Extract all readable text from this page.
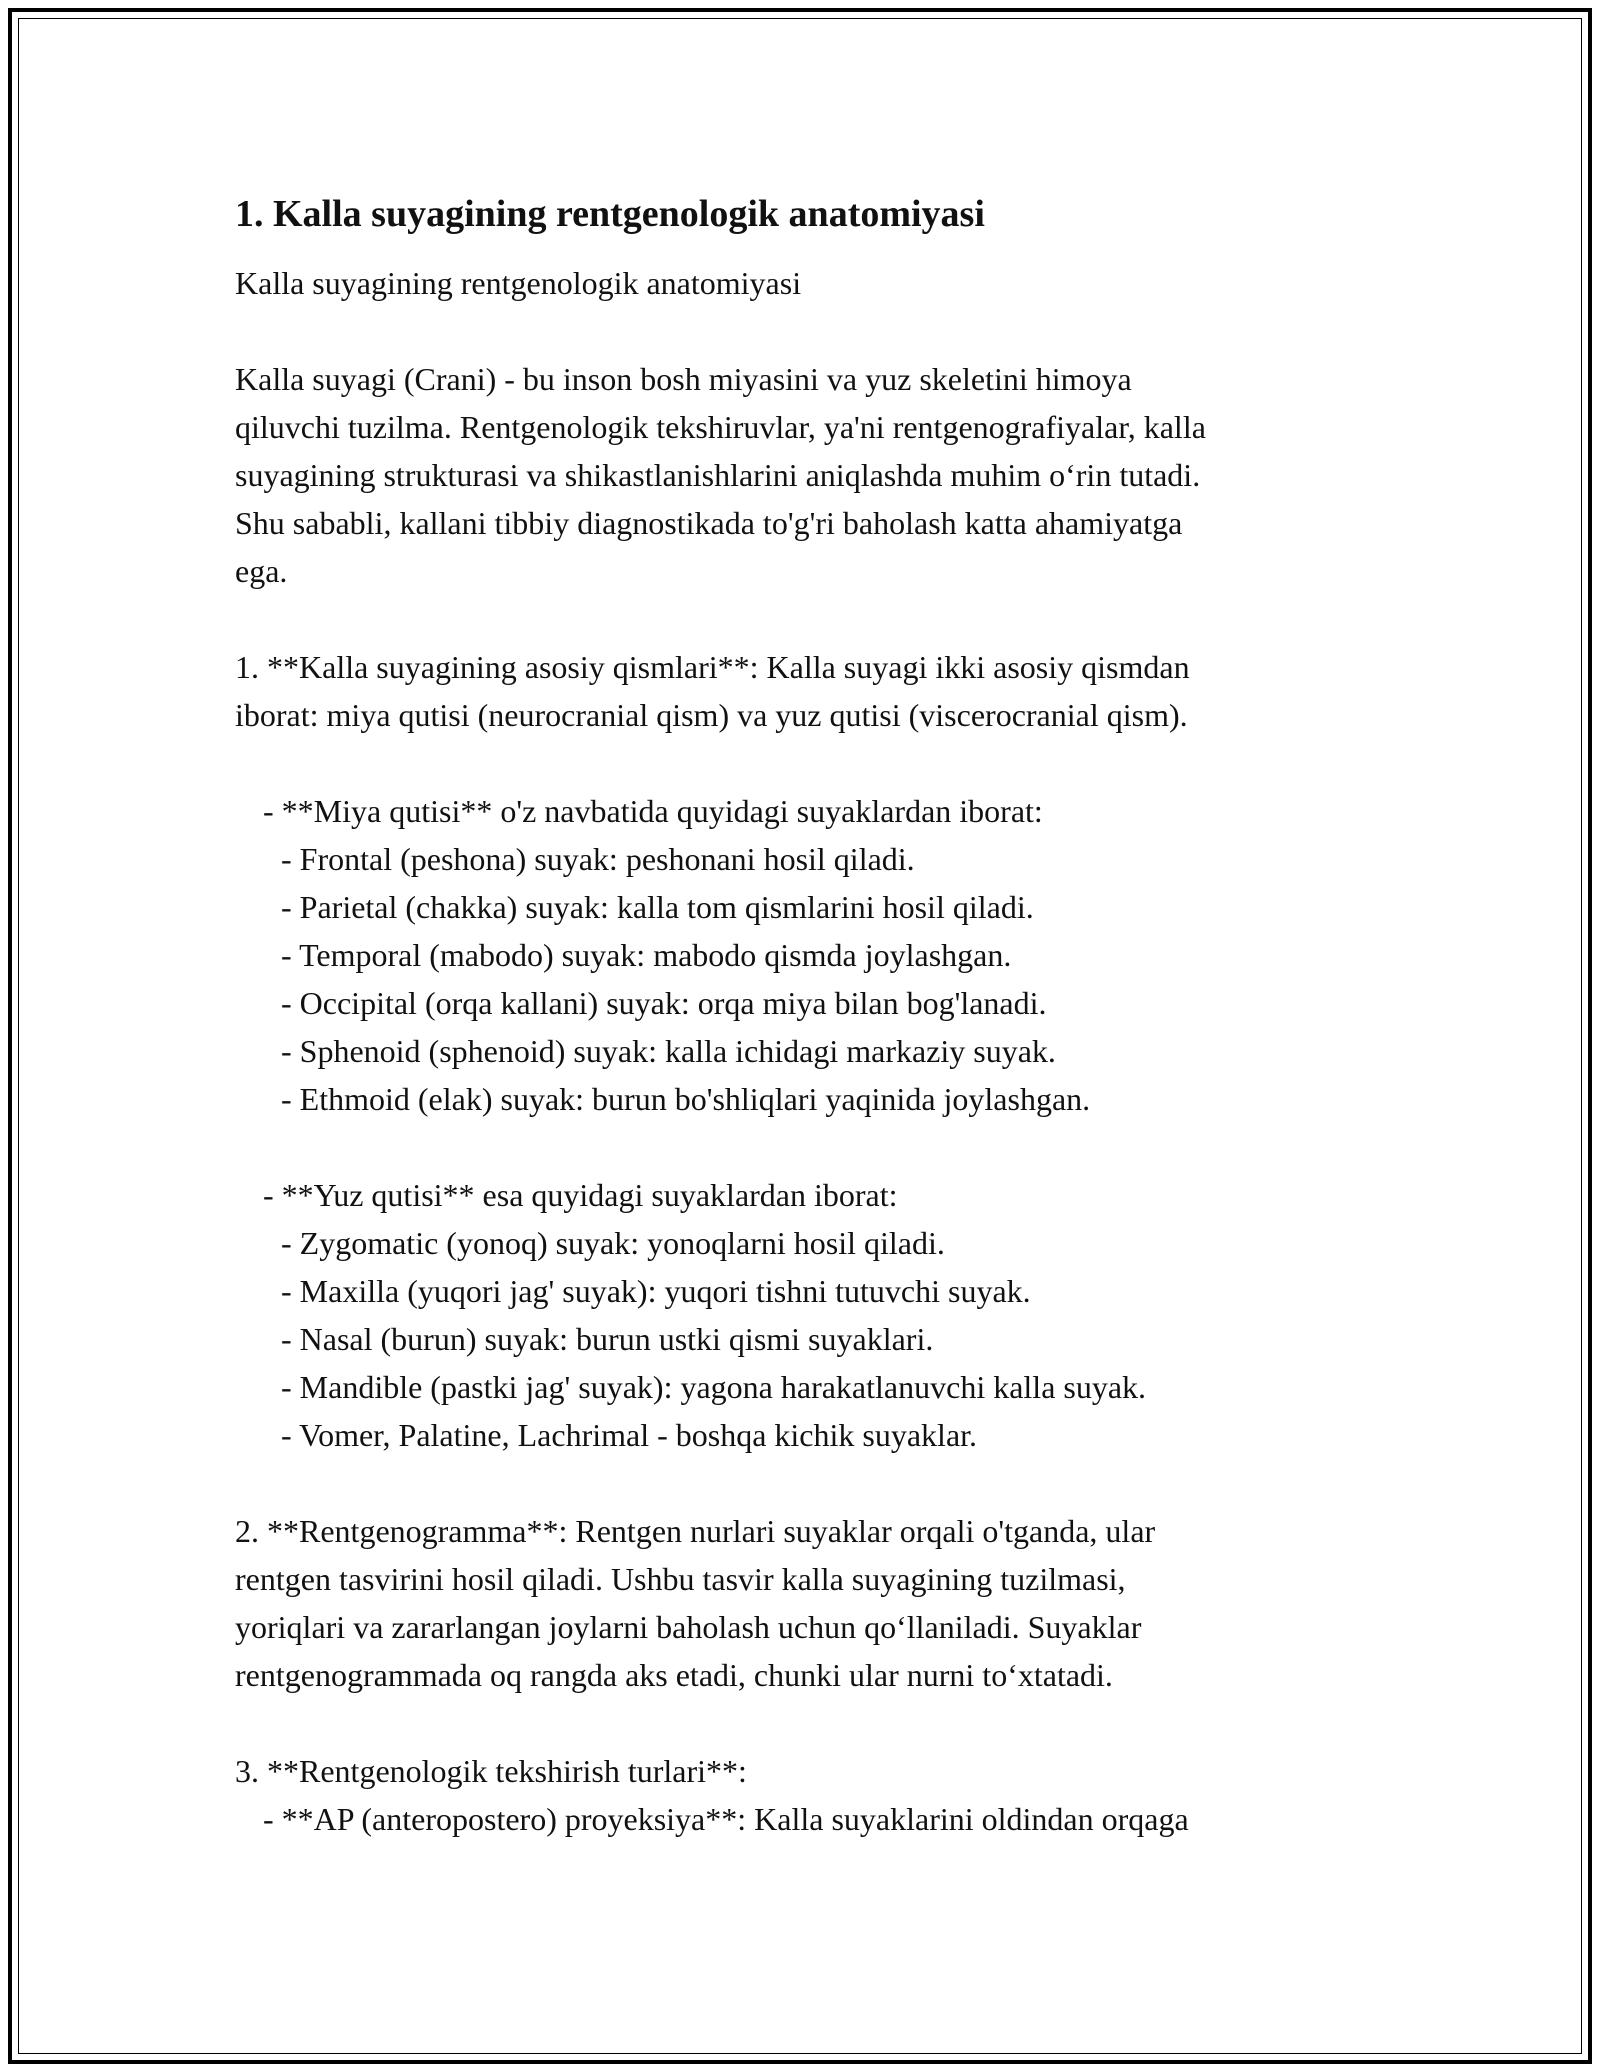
1. Kalla suyagining rentgenologik anatomiyasi

Kalla suyagining rentgenologik anatomiyasi

Kalla suyagi (Crani) - bu inson bosh miyasini va yuz skeletini himoya
qiluvchi tuzilma. Rentgenologik tekshiruvlar, ya'ni rentgenografiyalar, kalla
suyagining strukturasi va shikastlanishlarini aniqlashda muhim o‘rin tutadi.
Shu sababli, kallani tibbiy diagnostikada to'g'ri baholash katta ahamiyatga
ega.
1. **Kalla suyagining asosiy qismlari**: Kalla suyagi ikki asosiy qismdan
iborat: miya qutisi (neurocranial qism) va yuz qutisi (viscerocranial qism).
- **Miya qutisi** o'z navbatida quyidagi suyaklardan iborat:
- Frontal (peshona) suyak: peshonani hosil qiladi.
- Parietal (chakka) suyak: kalla tom qismlarini hosil qiladi.
- Temporal (mabodo) suyak: mabodo qismda joylashgan.
- Occipital (orqa kallani) suyak: orqa miya bilan bog'lanadi.
- Sphenoid (sphenoid) suyak: kalla ichidagi markaziy suyak.
- Ethmoid (elak) suyak: burun bo'shliqlari yaqinida joylashgan.
- **Yuz qutisi** esa quyidagi suyaklardan iborat:
- Zygomatic (yonoq) suyak: yonoqlarni hosil qiladi.
- Maxilla (yuqori jag' suyak): yuqori tishni tutuvchi suyak.
- Nasal (burun) suyak: burun ustki qismi suyaklari.
- Mandible (pastki jag' suyak): yagona harakatlanuvchi kalla suyak.
- Vomer, Palatine, Lachrimal - boshqa kichik suyaklar.
2. **Rentgenogramma**: Rentgen nurlari suyaklar orqali o'tganda, ular
rentgen tasvirini hosil qiladi. Ushbu tasvir kalla suyagining tuzilmasi,
yoriqlari va zararlangan joylarni baholash uchun qo‘llaniladi. Suyaklar
rentgenogrammada oq rangda aks etadi, chunki ular nurni to‘xtatadi.
3. **Rentgenologik tekshirish turlari**:
- **AP (anteropostero) proyeksiya**: Kalla suyaklarini oldindan orqaga
